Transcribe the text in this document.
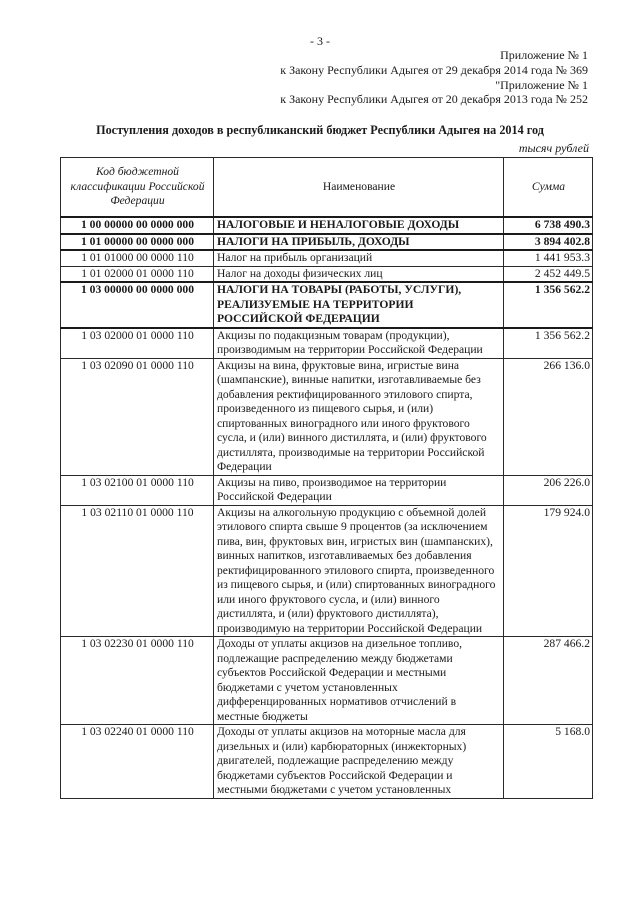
- 3 -
Приложение № 1
к Закону Республики Адыгея от 29 декабря 2014 года № 369
"Приложение № 1
к Закону Республики Адыгея от 20 декабря 2013 года № 252
Поступления доходов в республиканский бюджет Республики Адыгея на 2014 год
тысяч рублей
Код бюджетной классификации Российской Федерации	Наименование	Сумма
1 00 00000 00 0000 000	НАЛОГОВЫЕ И НЕНАЛОГОВЫЕ ДОХОДЫ	6 738 490.3
1 01 00000 00 0000 000	НАЛОГИ НА ПРИБЫЛЬ, ДОХОДЫ	3 894 402.8
1 01 01000 00 0000 110	Налог на прибыль организаций	1 441 953.3
1 01 02000 01 0000 110	Налог на доходы физических лиц	2 452 449.5
1 03 00000 00 0000 000	НАЛОГИ НА ТОВАРЫ (РАБОТЫ, УСЛУГИ), РЕАЛИЗУЕМЫЕ НА ТЕРРИТОРИИ РОССИЙСКОЙ ФЕДЕРАЦИИ	1 356 562.2
1 03 02000 01 0000 110	Акцизы по подакцизным товарам (продукции), производимым на территории Российской Федерации	1 356 562.2
1 03 02090 01 0000 110	Акцизы на вина, фруктовые вина, игристые вина (шампанские), винные напитки, изготавливаемые без добавления ректифицированного этилового спирта, произведенного из пищевого сырья, и (или) спиртованных виноградного или иного фруктового сусла, и (или) винного дистиллята, и (или) фруктового дистиллята, производимые на территории Российской Федерации	266 136.0
1 03 02100 01 0000 110	Акцизы на пиво, производимое на территории Российской Федерации	206 226.0
1 03 02110 01 0000 110	Акцизы на алкогольную продукцию с объемной долей этилового спирта свыше 9 процентов (за исключением пива, вин, фруктовых вин, игристых вин (шампанских), винных напитков, изготавливаемых без добавления ректифицированного этилового спирта, произведенного из пищевого сырья, и (или) спиртованных виноградного или иного фруктового сусла, и (или) винного дистиллята, и (или) фруктового дистиллята), производимую на территории Российской Федерации	179 924.0
1 03 02230 01 0000 110	Доходы от уплаты акцизов на дизельное топливо, подлежащие распределению между бюджетами субъектов Российской Федерации и местными бюджетами с учетом установленных дифференцированных нормативов отчислений в местные бюджеты	287 466.2
1 03 02240 01 0000 110	Доходы от уплаты акцизов на моторные масла для дизельных и (или) карбюраторных (инжекторных) двигателей, подлежащие распределению между бюджетами субъектов Российской Федерации и местными бюджетами с учетом установленных	5 168.0
